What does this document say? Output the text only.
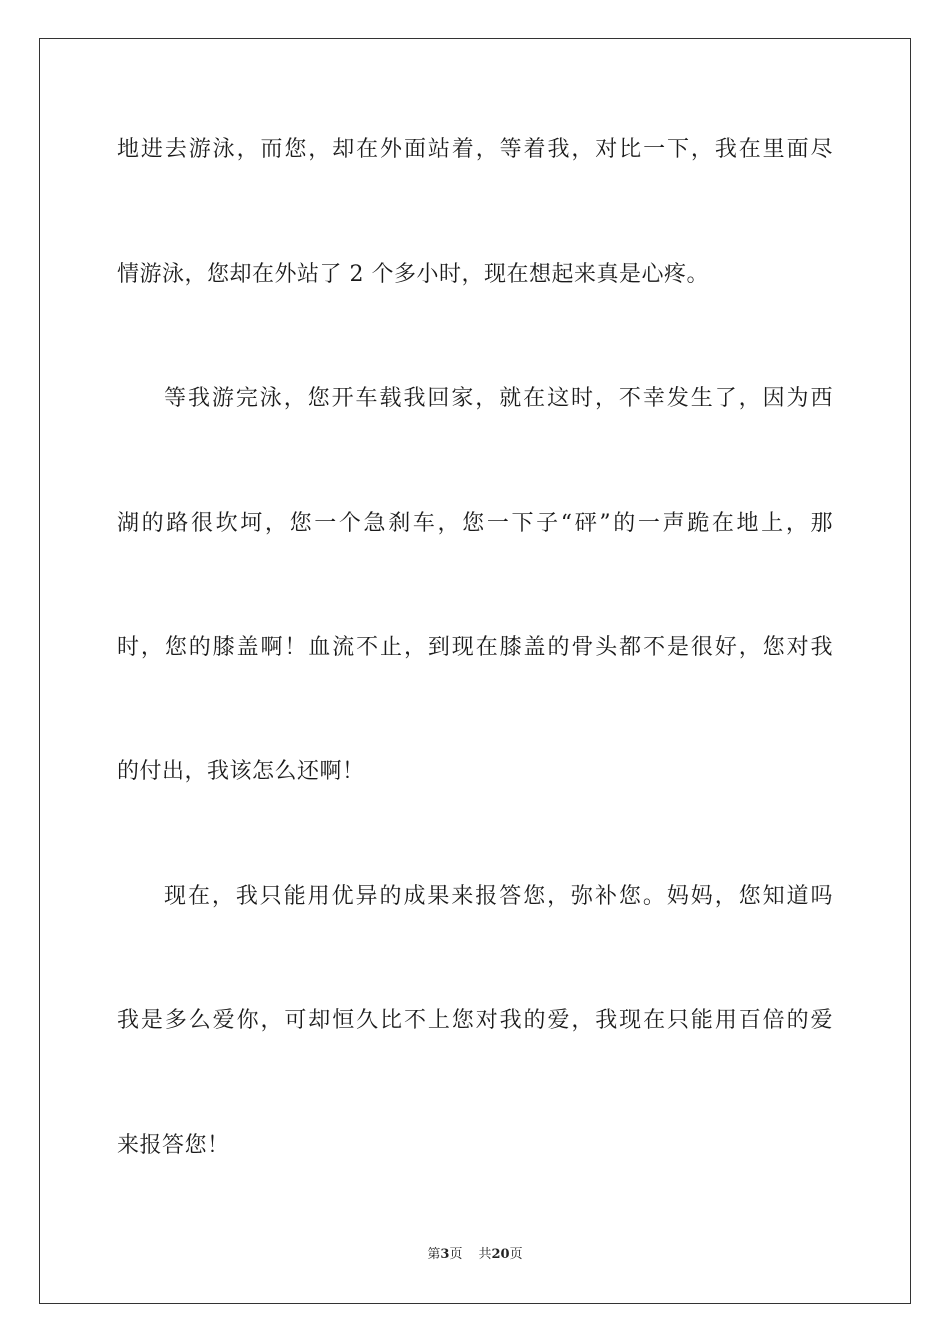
地进去游泳，而您，却在外面站着，等着我，对比一下，我在里面尽
情游泳，您却在外站了 2 个多小时，现在想起来真是心疼。
等我游完泳，您开车载我回家，就在这时，不幸发生了，因为西
湖的路很坎坷，您一个急刹车，您一下子“砰”的一声跪在地上，那
时，您的膝盖啊！血流不止，到现在膝盖的骨头都不是很好，您对我
的付出，我该怎么还啊！
现在，我只能用优异的成果来报答您，弥补您。妈妈，您知道吗
我是多么爱你，可却恒久比不上您对我的爱，我现在只能用百倍的爱
来报答您！
第3页 共20页
